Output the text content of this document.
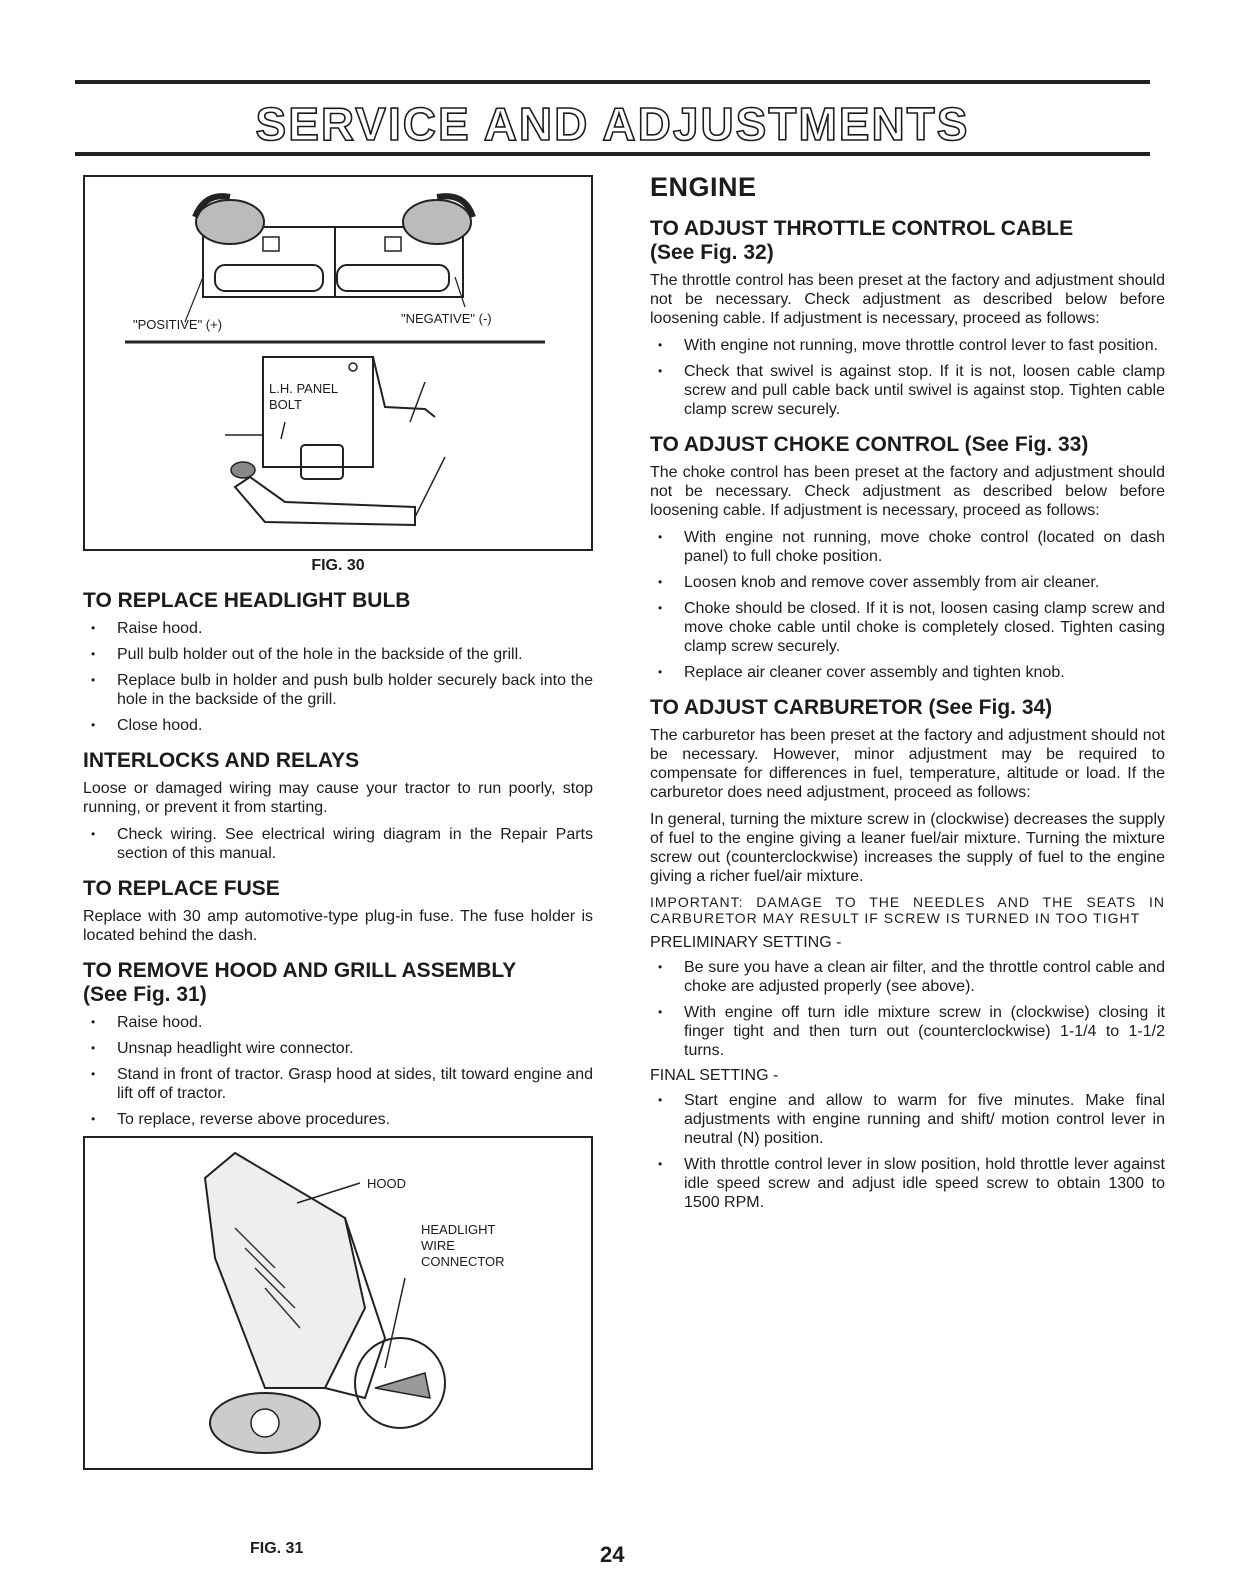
SERVICE AND ADJUSTMENTS
"POSITIVE" (+)	"NEGATIVE" (-)
L.H. PANEL
BOLT
FIG. 30
TO REPLACE HEADLIGHT BULB
• Raise hood.
• Pull bulb holder out of the hole in the backside of the grill.
• Replace bulb in holder and push bulb holder securely back into the hole in the backside of the grill.
• Close hood.
INTERLOCKS AND RELAYS

Loose or damaged wiring may cause your tractor to run poorly, stop running, or prevent it from starting.

• Check wiring. See electrical wiring diagram in the Repair Parts section of this manual.
TO REPLACE FUSE

Replace with 30 amp automotive-type plug-in fuse. The fuse holder is located behind the dash.

TO REMOVE HOOD AND GRILL ASSEMBLY
(See Fig. 31)
• Raise hood.
• Unsnap headlight wire connector.
• Stand in front of tractor. Grasp hood at sides, tilt toward engine and lift off of tractor.
• To replace, reverse above procedures.
HOOD
HEADLIGHT
WIRE
CONNECTOR
FIG. 31
ENGINE
TO ADJUST THROTTLE CONTROL CABLE
(See Fig. 32)

The throttle control has been preset at the factory and adjustment should not be necessary. Check adjustment as described below before loosening cable. If adjustment is necessary, proceed as follows:

• With engine not running, move throttle control lever to fast position.
• Check that swivel is against stop. If it is not, loosen cable clamp screw and pull cable back until swivel is against stop. Tighten cable clamp screw securely.
TO ADJUST CHOKE CONTROL (See Fig. 33)

The choke control has been preset at the factory and adjustment should not be necessary. Check adjustment as described below before loosening cable. If adjustment is necessary, proceed as follows:

• With engine not running, move choke control (located on dash panel) to full choke position.
• Loosen knob and remove cover assembly from air cleaner.
• Choke should be closed. If it is not, loosen casing clamp screw and move choke cable until choke is completely closed. Tighten casing clamp screw securely.
• Replace air cleaner cover assembly and tighten knob.
TO ADJUST CARBURETOR (See Fig. 34)

The carburetor has been preset at the factory and adjustment should not be necessary. However, minor adjustment may be required to compensate for differences in fuel, temperature, altitude or load. If the carburetor does need adjustment, proceed as follows:

In general, turning the mixture screw in (clockwise) decreases the supply of fuel to the engine giving a leaner fuel/air mixture. Turning the mixture screw out (counterclockwise) increases the supply of fuel to the engine giving a richer fuel/air mixture.

IMPORTANT: DAMAGE TO THE NEEDLES AND THE SEATS IN CARBURETOR MAY RESULT IF SCREW IS TURNED IN TOO TIGHT

PRELIMINARY SETTING -
• Be sure you have a clean air filter, and the throttle control cable and choke are adjusted properly (see above).
• With engine off turn idle mixture screw in (clockwise) closing it finger tight and then turn out (counterclockwise) 1-1/4 to 1-1/2 turns.
FINAL SETTING -
• Start engine and allow to warm for five minutes. Make final adjustments with engine running and shift/ motion control lever in neutral (N) position.
• With throttle control lever in slow position, hold throttle lever against idle speed screw and adjust idle speed screw to obtain 1300 to 1500 RPM.
24
